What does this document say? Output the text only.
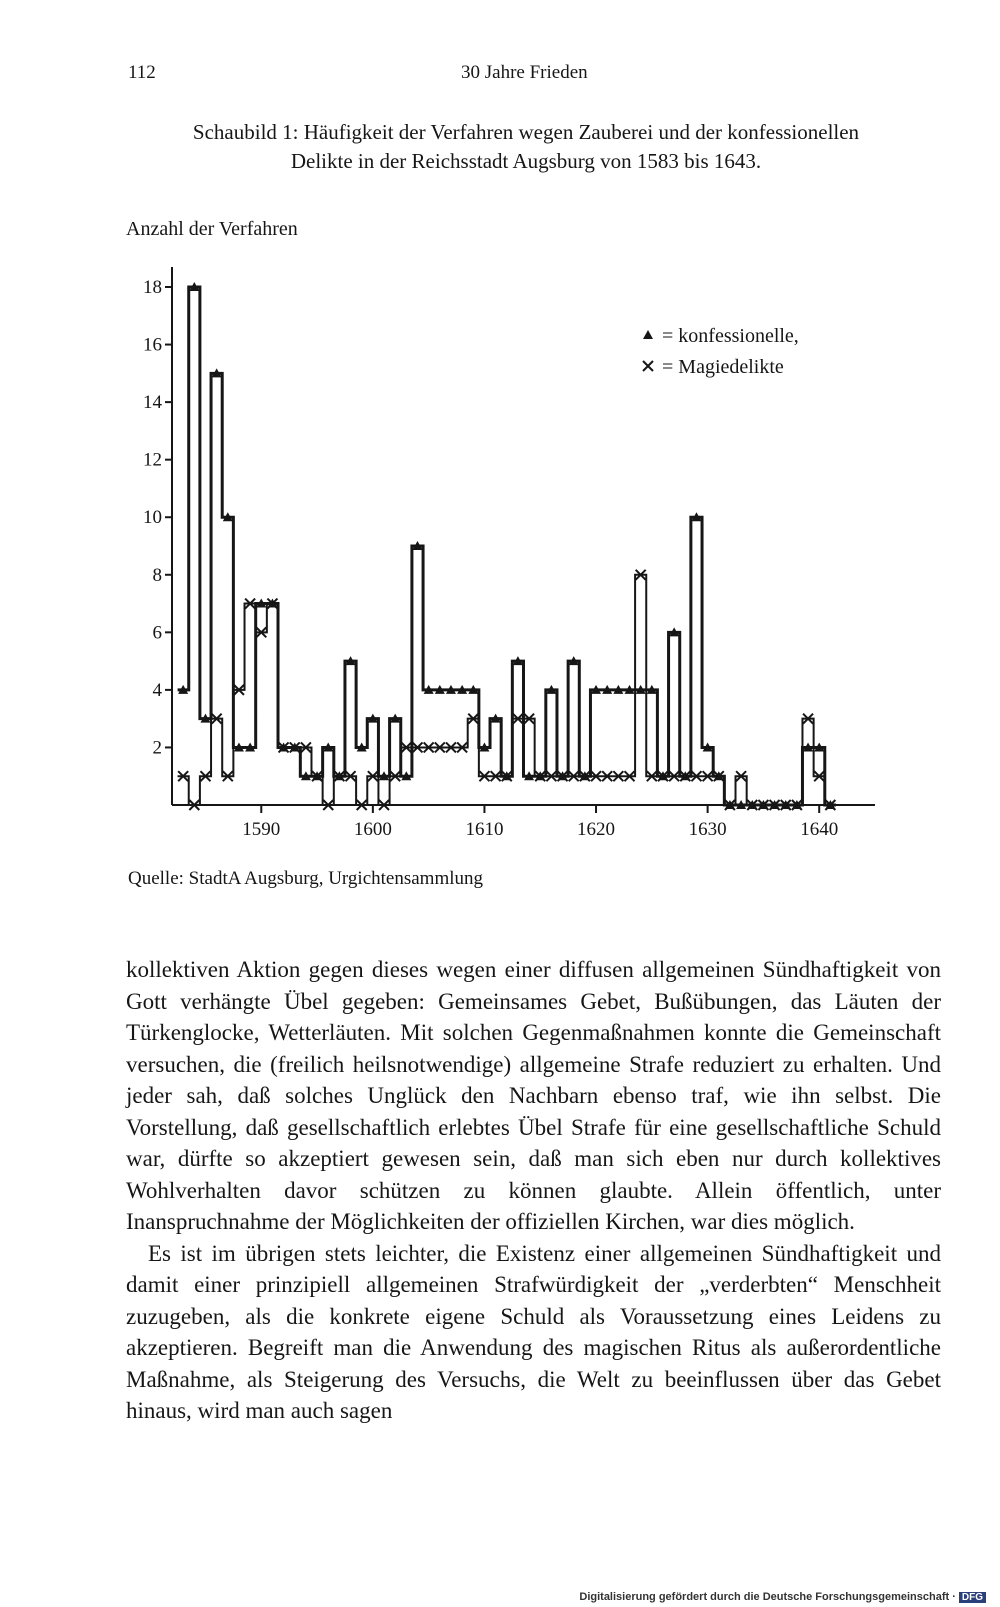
112	30 Jahre Frieden
Schaubild 1: Häufigkeit der Verfahren wegen Zauberei und der konfessionellen
Delikte in der Reichsstadt Augsburg von 1583 bis 1643.
Anzahl der Verfahren
2
4
6
8
10
12
14
16
18
1590	1600	1610	1620	1630	1640
= konfessionelle,
= Magiedelikte
Quelle: StadtA Augsburg, Urgichtensammlung

kollektiven Aktion gegen dieses wegen einer diffusen allgemeinen Sündhaftigkeit von Gott verhängte Übel gegeben: Gemeinsames Gebet, Bußübungen, das Läuten der Türkenglocke, Wetterläuten. Mit solchen Gegenmaßnahmen konnte die Gemeinschaft versuchen, die (freilich heilsnotwendige) allgemeine Strafe reduziert zu erhalten. Und jeder sah, daß solches Unglück den Nachbarn ebenso traf, wie ihn selbst. Die Vorstellung, daß gesellschaftlich erlebtes Übel Strafe für eine gesellschaftliche Schuld war, dürfte so akzeptiert gewesen sein, daß man sich eben nur durch kollektives Wohlverhalten davor schützen zu können glaubte. Allein öffentlich, unter Inanspruchnahme der Möglichkeiten der offiziellen Kirchen, war dies möglich.

Es ist im übrigen stets leichter, die Existenz einer allgemeinen Sündhaftigkeit und damit einer prinzipiell allgemeinen Strafwürdigkeit der „verderbten“ Menschheit zuzugeben, als die konkrete eigene Schuld als Voraussetzung eines Leidens zu akzeptieren. Begreift man die Anwendung des magischen Ritus als außerordentliche Maßnahme, als Steigerung des Versuchs, die Welt zu beeinflussen über das Gebet hinaus, wird man auch sagen

Digitalisierung gefördert durch die Deutsche Forschungsgemeinschaft · DFG
